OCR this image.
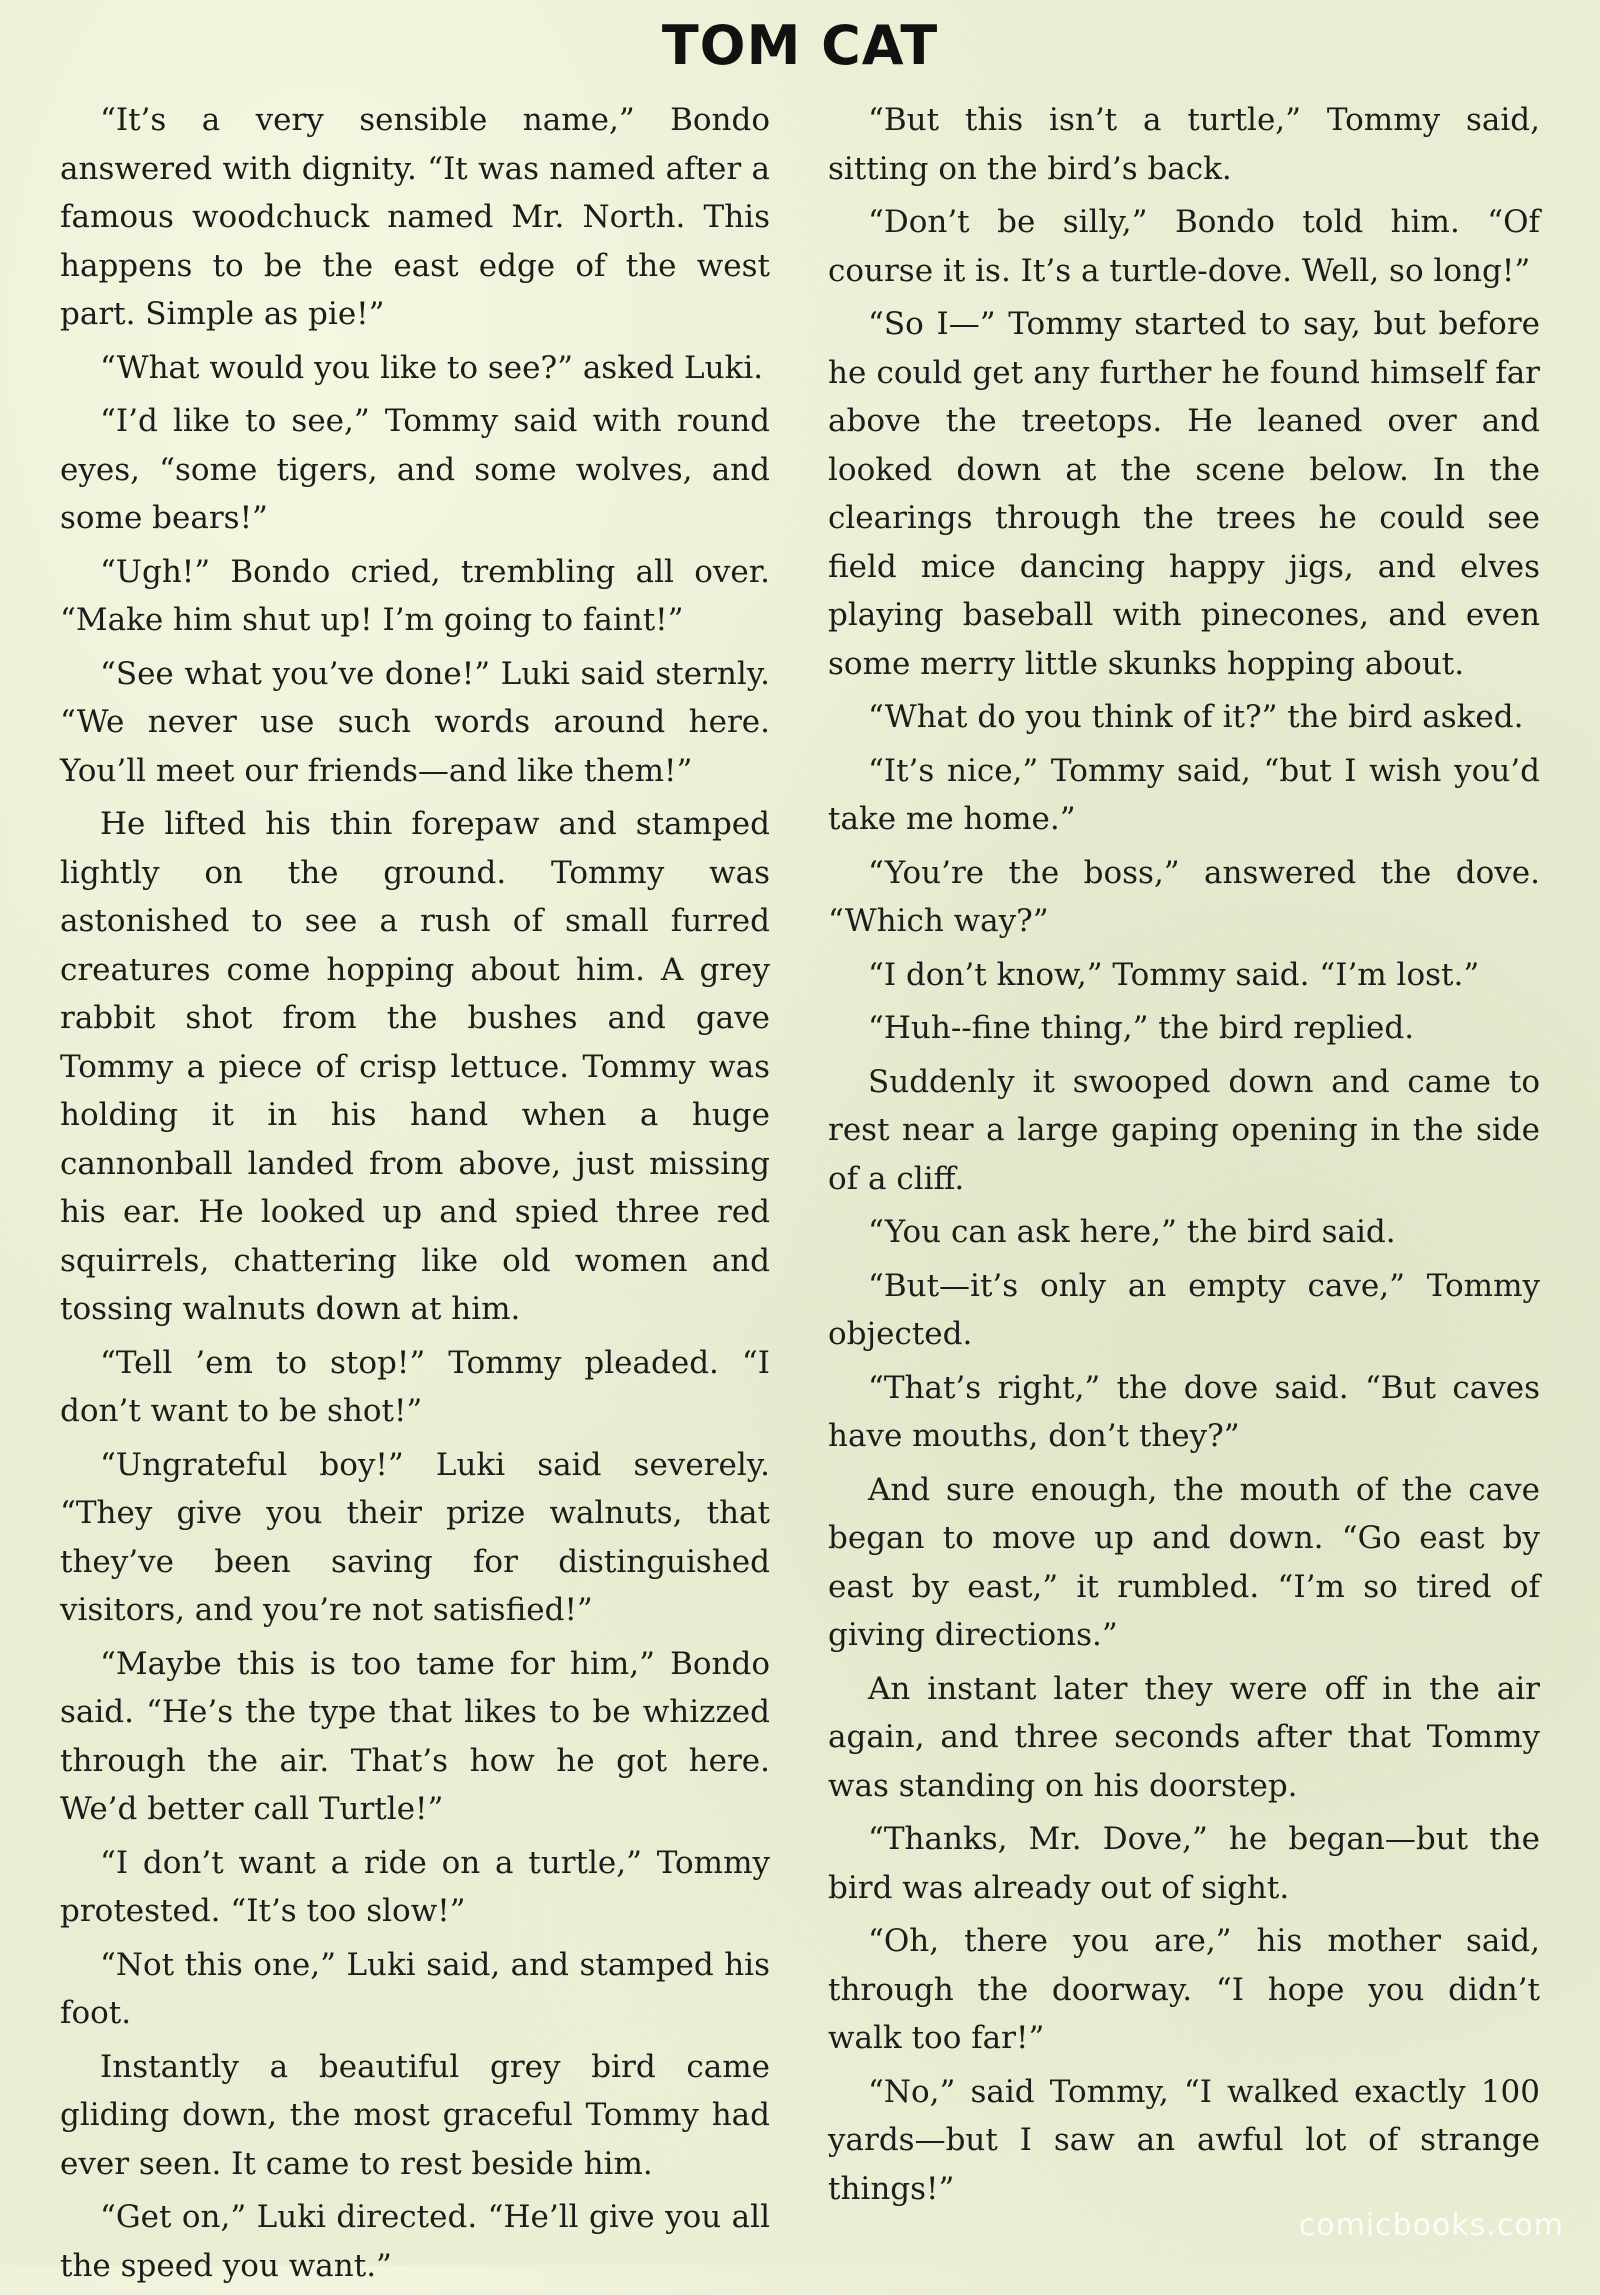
TOM CAT

“It’s a very sensible name,” Bondo answered with dignity. “It was named after a famous woodchuck named Mr. North. This happens to be the east edge of the west part. Simple as pie!”

“What would you like to see?” asked Luki.

“I’d like to see,” Tommy said with round eyes, “some tigers, and some wolves, and some bears!”

“Ugh!” Bondo cried, trembling all over. “Make him shut up! I’m going to faint!”

“See what you’ve done!” Luki said sternly. “We never use such words around here. You’ll meet our friends—and like them!”

He lifted his thin forepaw and stamped lightly on the ground. Tommy was astonished to see a rush of small furred creatures come hopping about him. A grey rabbit shot from the bushes and gave Tommy a piece of crisp lettuce. Tommy was holding it in his hand when a huge cannonball landed from above, just missing his ear. He looked up and spied three red squirrels, chattering like old women and tossing walnuts down at him.

“Tell ’em to stop!” Tommy pleaded. “I don’t want to be shot!”

“Ungrateful boy!” Luki said severely. “They give you their prize walnuts, that they’ve been saving for distinguished visitors, and you’re not satisfied!”

“Maybe this is too tame for him,” Bondo said. “He’s the type that likes to be whizzed through the air. That’s how he got here. We’d better call Turtle!”

“I don’t want a ride on a turtle,” Tommy protested. “It’s too slow!”

“Not this one,” Luki said, and stamped his foot.

Instantly a beautiful grey bird came gliding down, the most graceful Tommy had ever seen. It came to rest beside him.

“Get on,” Luki directed. “He’ll give you all the speed you want.”

“But this isn’t a turtle,” Tommy said, sitting on the bird’s back.

“Don’t be silly,” Bondo told him. “Of course it is. It’s a turtle-dove. Well, so long!”

“So I—” Tommy started to say, but before he could get any further he found himself far above the treetops. He leaned over and looked down at the scene below. In the clearings through the trees he could see field mice dancing happy jigs, and elves playing baseball with pinecones, and even some merry little skunks hopping about.

“What do you think of it?” the bird asked.

“It’s nice,” Tommy said, “but I wish you’d take me home.”

“You’re the boss,” answered the dove. “Which way?”

“I don’t know,” Tommy said. “I’m lost.”

“Huh--fine thing,” the bird replied.

Suddenly it swooped down and came to rest near a large gaping opening in the side of a cliff.

“You can ask here,” the bird said.

“But—it’s only an empty cave,” Tommy objected.

“That’s right,” the dove said. “But caves have mouths, don’t they?”

And sure enough, the mouth of the cave began to move up and down. “Go east by east by east,” it rumbled. “I’m so tired of giving directions.”

An instant later they were off in the air again, and three seconds after that Tommy was standing on his doorstep.

“Thanks, Mr. Dove,” he began—but the bird was already out of sight.

“Oh, there you are,” his mother said, through the doorway. “I hope you didn’t walk too far!”

“No,” said Tommy, “I walked exactly 100 yards—but I saw an awful lot of strange things!”

comicbooks.com
